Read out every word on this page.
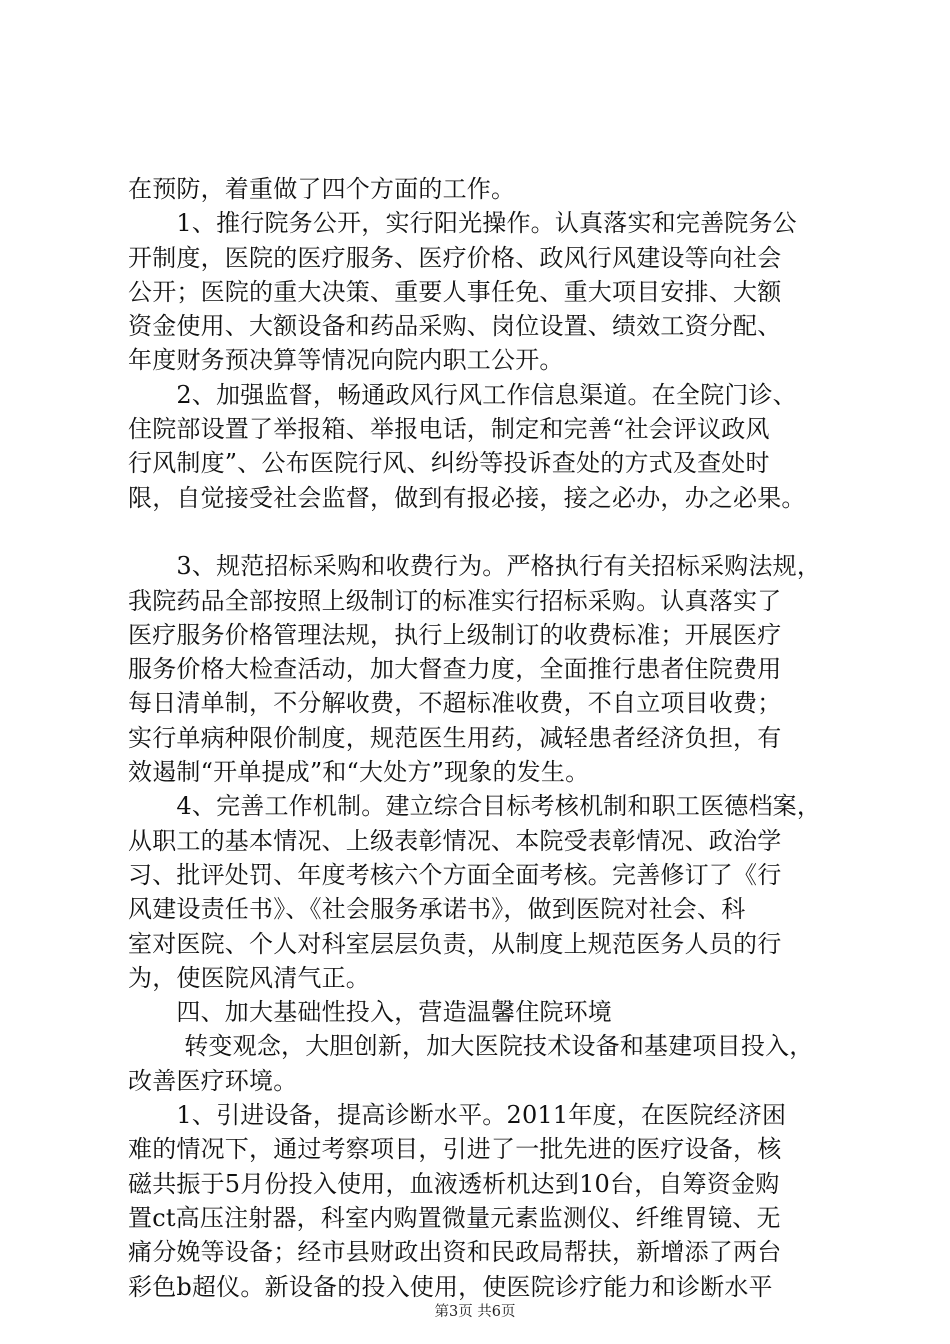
在预防，着重做了四个方面的工作。
　　1、推行院务公开，实行阳光操作。认真落实和完善院务公
开制度，医院的医疗服务、医疗价格、政风行风建设等向社会
公开；医院的重大决策、重要人事任免、重大项目安排、大额
资金使用、大额设备和药品采购、岗位设置、绩效工资分配、
年度财务预决算等情况向院内职工公开。
　　2、加强监督，畅通政风行风工作信息渠道。在全院门诊、
住院部设置了举报箱、举报电话，制定和完善“社会评议政风
行风制度”、公布医院行风、纠纷等投诉查处的方式及查处时
限，自觉接受社会监督，做到有报必接，接之必办，办之必果。
　　3、规范招标采购和收费行为。严格执行有关招标采购法规，
我院药品全部按照上级制订的标准实行招标采购。认真落实了
医疗服务价格管理法规，执行上级制订的收费标准；开展医疗
服务价格大检查活动，加大督查力度，全面推行患者住院费用
每日清单制，不分解收费，不超标准收费，不自立项目收费；
实行单病种限价制度，规范医生用药，减轻患者经济负担，有
效遏制“开单提成”和“大处方”现象的发生。
　　4、完善工作机制。建立综合目标考核机制和职工医德档案，
从职工的基本情况、上级表彰情况、本院受表彰情况、政治学
习、批评处罚、年度考核六个方面全面考核。完善修订了《行
风建设责任书》、《社会服务承诺书》，做到医院对社会、科
室对医院、个人对科室层层负责，从制度上规范医务人员的行
为，使医院风清气正。
　　四、加大基础性投入，营造温馨住院环境
　　 转变观念，大胆创新，加大医院技术设备和基建项目投入，
改善医疗环境。
　　1、引进设备，提高诊断水平。2011年度，在医院经济困
难的情况下，通过考察项目，引进了一批先进的医疗设备，核
磁共振于5月份投入使用，血液透析机达到10台，自筹资金购
置ct高压注射器，科室内购置微量元素监测仪、纤维胃镜、无
痛分娩等设备；经市县财政出资和民政局帮扶，新增添了两台
彩色b超仪。新设备的投入使用，使医院诊疗能力和诊断水平
第3页 共6页
